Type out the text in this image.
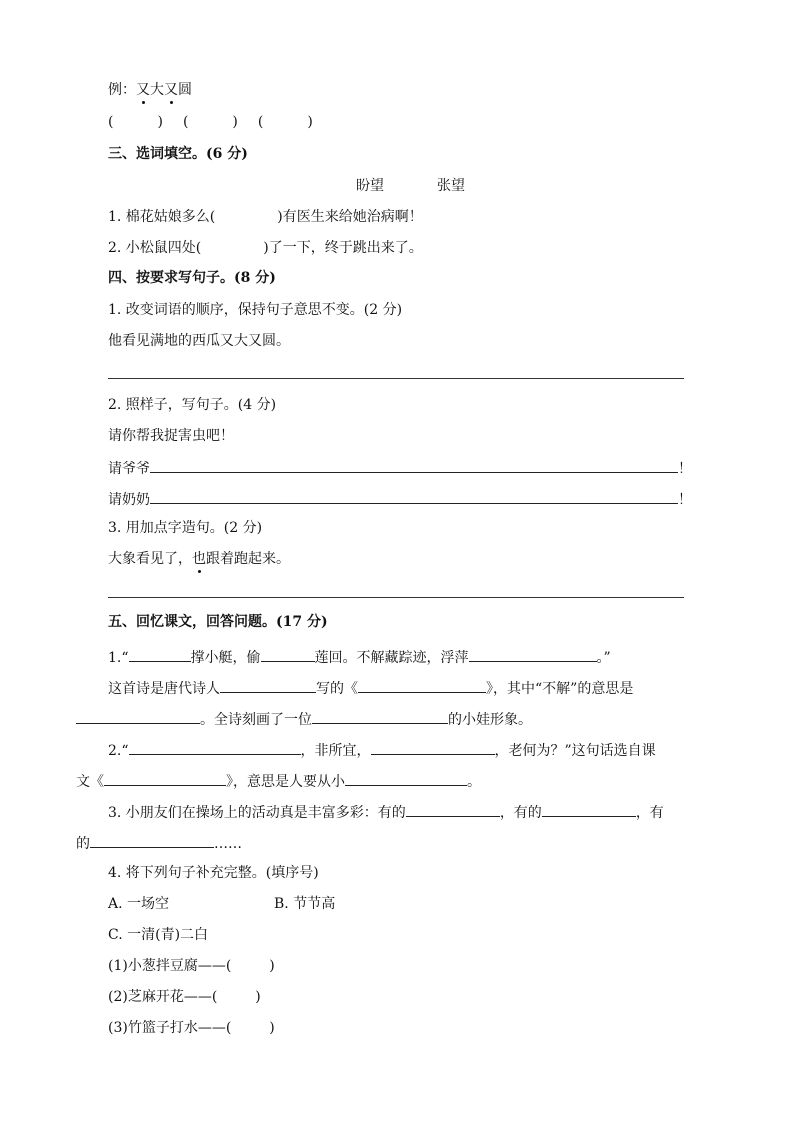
例：又大又圆
(	) (	) (	)
三、选词填空。(6 分)
盼望	张望
1. 棉花姑娘多么(	)有医生来给她治病啊！
2. 小松鼠四处(	)了一下，终于跳出来了。
四、按要求写句子。(8 分)
1. 改变词语的顺序，保持句子意思不变。(2 分)
他看见满地的西瓜又大又圆。
2. 照样子，写句子。(4 分)
请你帮我捉害虫吧！
请爷爷	！
请奶奶	！
3. 用加点字造句。(2 分)
大象看见了，也跟着跑起来。
五、回忆课文，回答问题。(17 分)
1.“	撑小艇，偷	莲回。不解藏踪迹，浮萍	。”
这首诗是唐代诗人	写的《	》，其中“不解”的意思是
。全诗刻画了一位	的小娃形象。
2.“	，非所宜，	，老何为？”这句话选自课
文《	》，意思是人要从小	。
3. 小朋友们在操场上的活动真是丰富多彩：有的	，有的	，有
的	……
4. 将下列句子补充完整。(填序号)
A. 一场空	B. 节节高
C. 一清(青)二白
(1)小葱拌豆腐——(	)
(2)芝麻开花——(	)
(3)竹篮子打水——(	)
